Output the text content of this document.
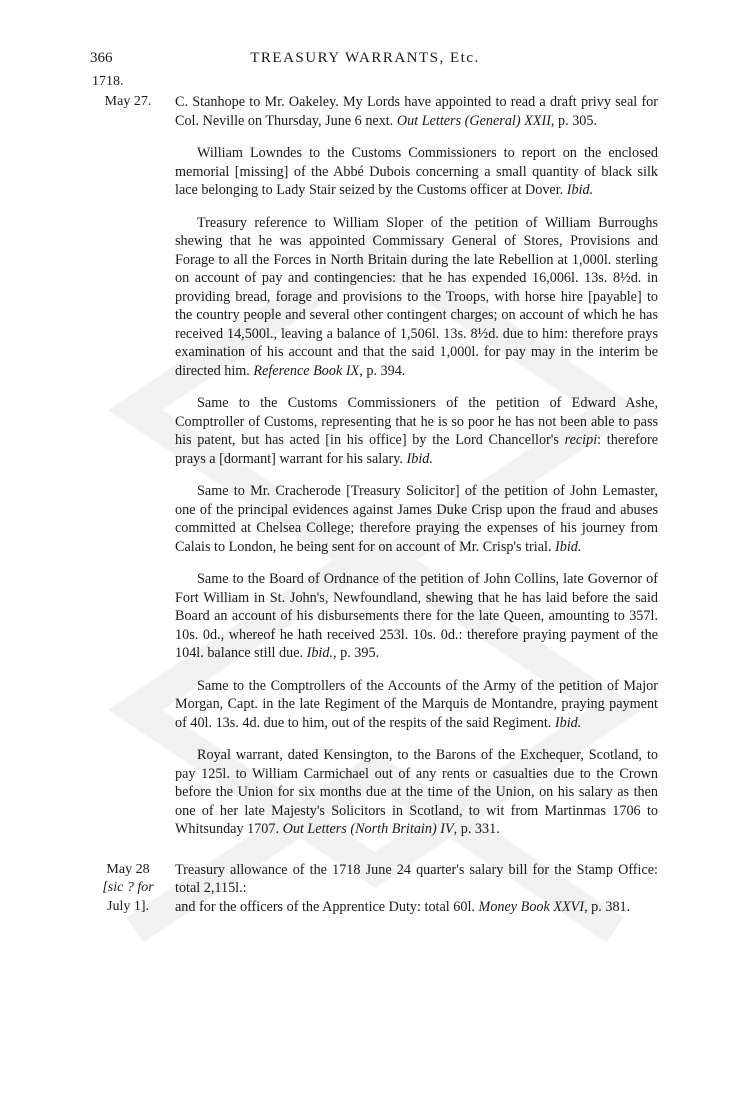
366	TREASURY WARRANTS, Etc.
1718.
May 27.	C. Stanhope to Mr. Oakeley. My Lords have appointed to read a draft privy seal for Col. Neville on Thursday, June 6 next. Out Letters (General) XXII, p. 305.
William Lowndes to the Customs Commissioners to report on the enclosed memorial [missing] of the Abbé Dubois concerning a small quantity of black silk lace belonging to Lady Stair seized by the Customs officer at Dover. Ibid.
Treasury reference to William Sloper of the petition of William Burroughs shewing that he was appointed Commissary General of Stores, Provisions and Forage to all the Forces in North Britain during the late Rebellion at 1,000l. sterling on account of pay and contingencies: that he has expended 16,006l. 13s. 8½d. in providing bread, forage and provisions to the Troops, with horse hire [payable] to the country people and several other contingent charges; on account of which he has received 14,500l., leaving a balance of 1,506l. 13s. 8½d. due to him: therefore prays examination of his account and that the said 1,000l. for pay may in the interim be directed him. Reference Book IX, p. 394.
Same to the Customs Commissioners of the petition of Edward Ashe, Comptroller of Customs, representing that he is so poor he has not been able to pass his patent, but has acted [in his office] by the Lord Chancellor's recipi: therefore prays a [dormant] warrant for his salary. Ibid.
Same to Mr. Cracherode [Treasury Solicitor] of the petition of John Lemaster, one of the principal evidences against James Duke Crisp upon the fraud and abuses committed at Chelsea College; therefore praying the expenses of his journey from Calais to London, he being sent for on account of Mr. Crisp's trial. Ibid.
Same to the Board of Ordnance of the petition of John Collins, late Governor of Fort William in St. John's, Newfoundland, shewing that he has laid before the said Board an account of his disbursements there for the late Queen, amounting to 357l. 10s. 0d., whereof he hath received 253l. 10s. 0d.: therefore praying payment of the 104l. balance still due. Ibid., p. 395.
Same to the Comptrollers of the Accounts of the Army of the petition of Major Morgan, Capt. in the late Regiment of the Marquis de Montandre, praying payment of 40l. 13s. 4d. due to him, out of the respits of the said Regiment. Ibid.
Royal warrant, dated Kensington, to the Barons of the Exchequer, Scotland, to pay 125l. to William Carmichael out of any rents or casualties due to the Crown before the Union for six months due at the time of the Union, on his salary as then one of her late Majesty's Solicitors in Scotland, to wit from Martinmas 1706 to Whitsunday 1707. Out Letters (North Britain) IV, p. 331.
May 28
[sic ? for
July 1].
Treasury allowance of the 1718 June 24 quarter's salary bill for the Stamp Office: total 2,115l.:
and for the officers of the Apprentice Duty: total 60l. Money Book XXVI, p. 381.
